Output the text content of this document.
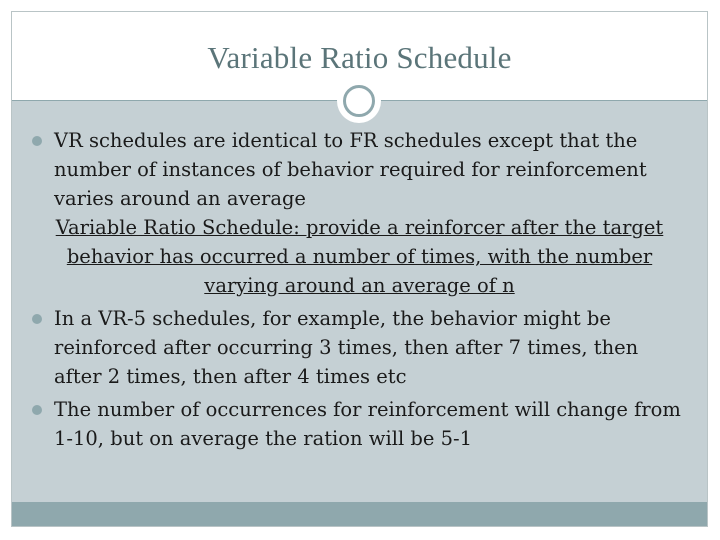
Variable Ratio Schedule

VR schedules are identical to FR schedules except that the number of instances of behavior required for reinforcement varies around an average

Variable Ratio Schedule: provide a reinforcer after the target behavior has occurred a number of times, with the number varying around an average of n

In a VR-5 schedules, for example, the behavior might be reinforced after occurring 3 times, then after 7 times, then after 2 times, then after 4 times etc

The number of occurrences for reinforcement will change from 1-10, but on average the ration will be 5-1
